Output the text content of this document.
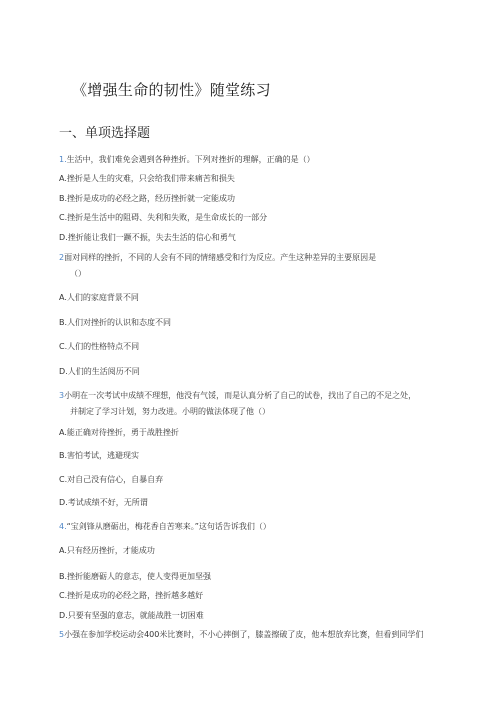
《增强生命的韧性》随堂练习
一、单项选择题
1.生活中，我们难免会遇到各种挫折。下列对挫折的理解，正确的是（）
A.挫折是人生的灾难，只会给我们带来痛苦和损失
B.挫折是成功的必经之路，经历挫折就一定能成功
C.挫折是生活中的阻碍、失利和失败，是生命成长的一部分
D.挫折能让我们一蹶不振，失去生活的信心和勇气
2面对同样的挫折，不同的人会有不同的情绪感受和行为反应。产生这种差异的主要原因是
（）
A.人们的家庭背景不同
B.人们对挫折的认识和态度不同
C.人们的性格特点不同
D.人们的生活阅历不同
3小明在一次考试中成绩不理想，他没有气馁，而是认真分析了自己的试卷，找出了自己的不足之处，
并制定了学习计划，努力改进。小明的做法体现了他（）
A.能正确对待挫折，勇于战胜挫折
B.害怕考试，逃避现实
C.对自己没有信心，自暴自弃
D.考试成绩不好，无所谓
4.“宝剑锋从磨砺出，梅花香自苦寒来。”这句话告诉我们（）
A.只有经历挫折，才能成功
B.挫折能磨砺人的意志，使人变得更加坚强
C.挫折是成功的必经之路，挫折越多越好
D.只要有坚强的意志，就能战胜一切困难
5小强在参加学校运动会400米比赛时，不小心摔倒了，膝盖擦破了皮，他本想放弃比赛，但看到同学们
